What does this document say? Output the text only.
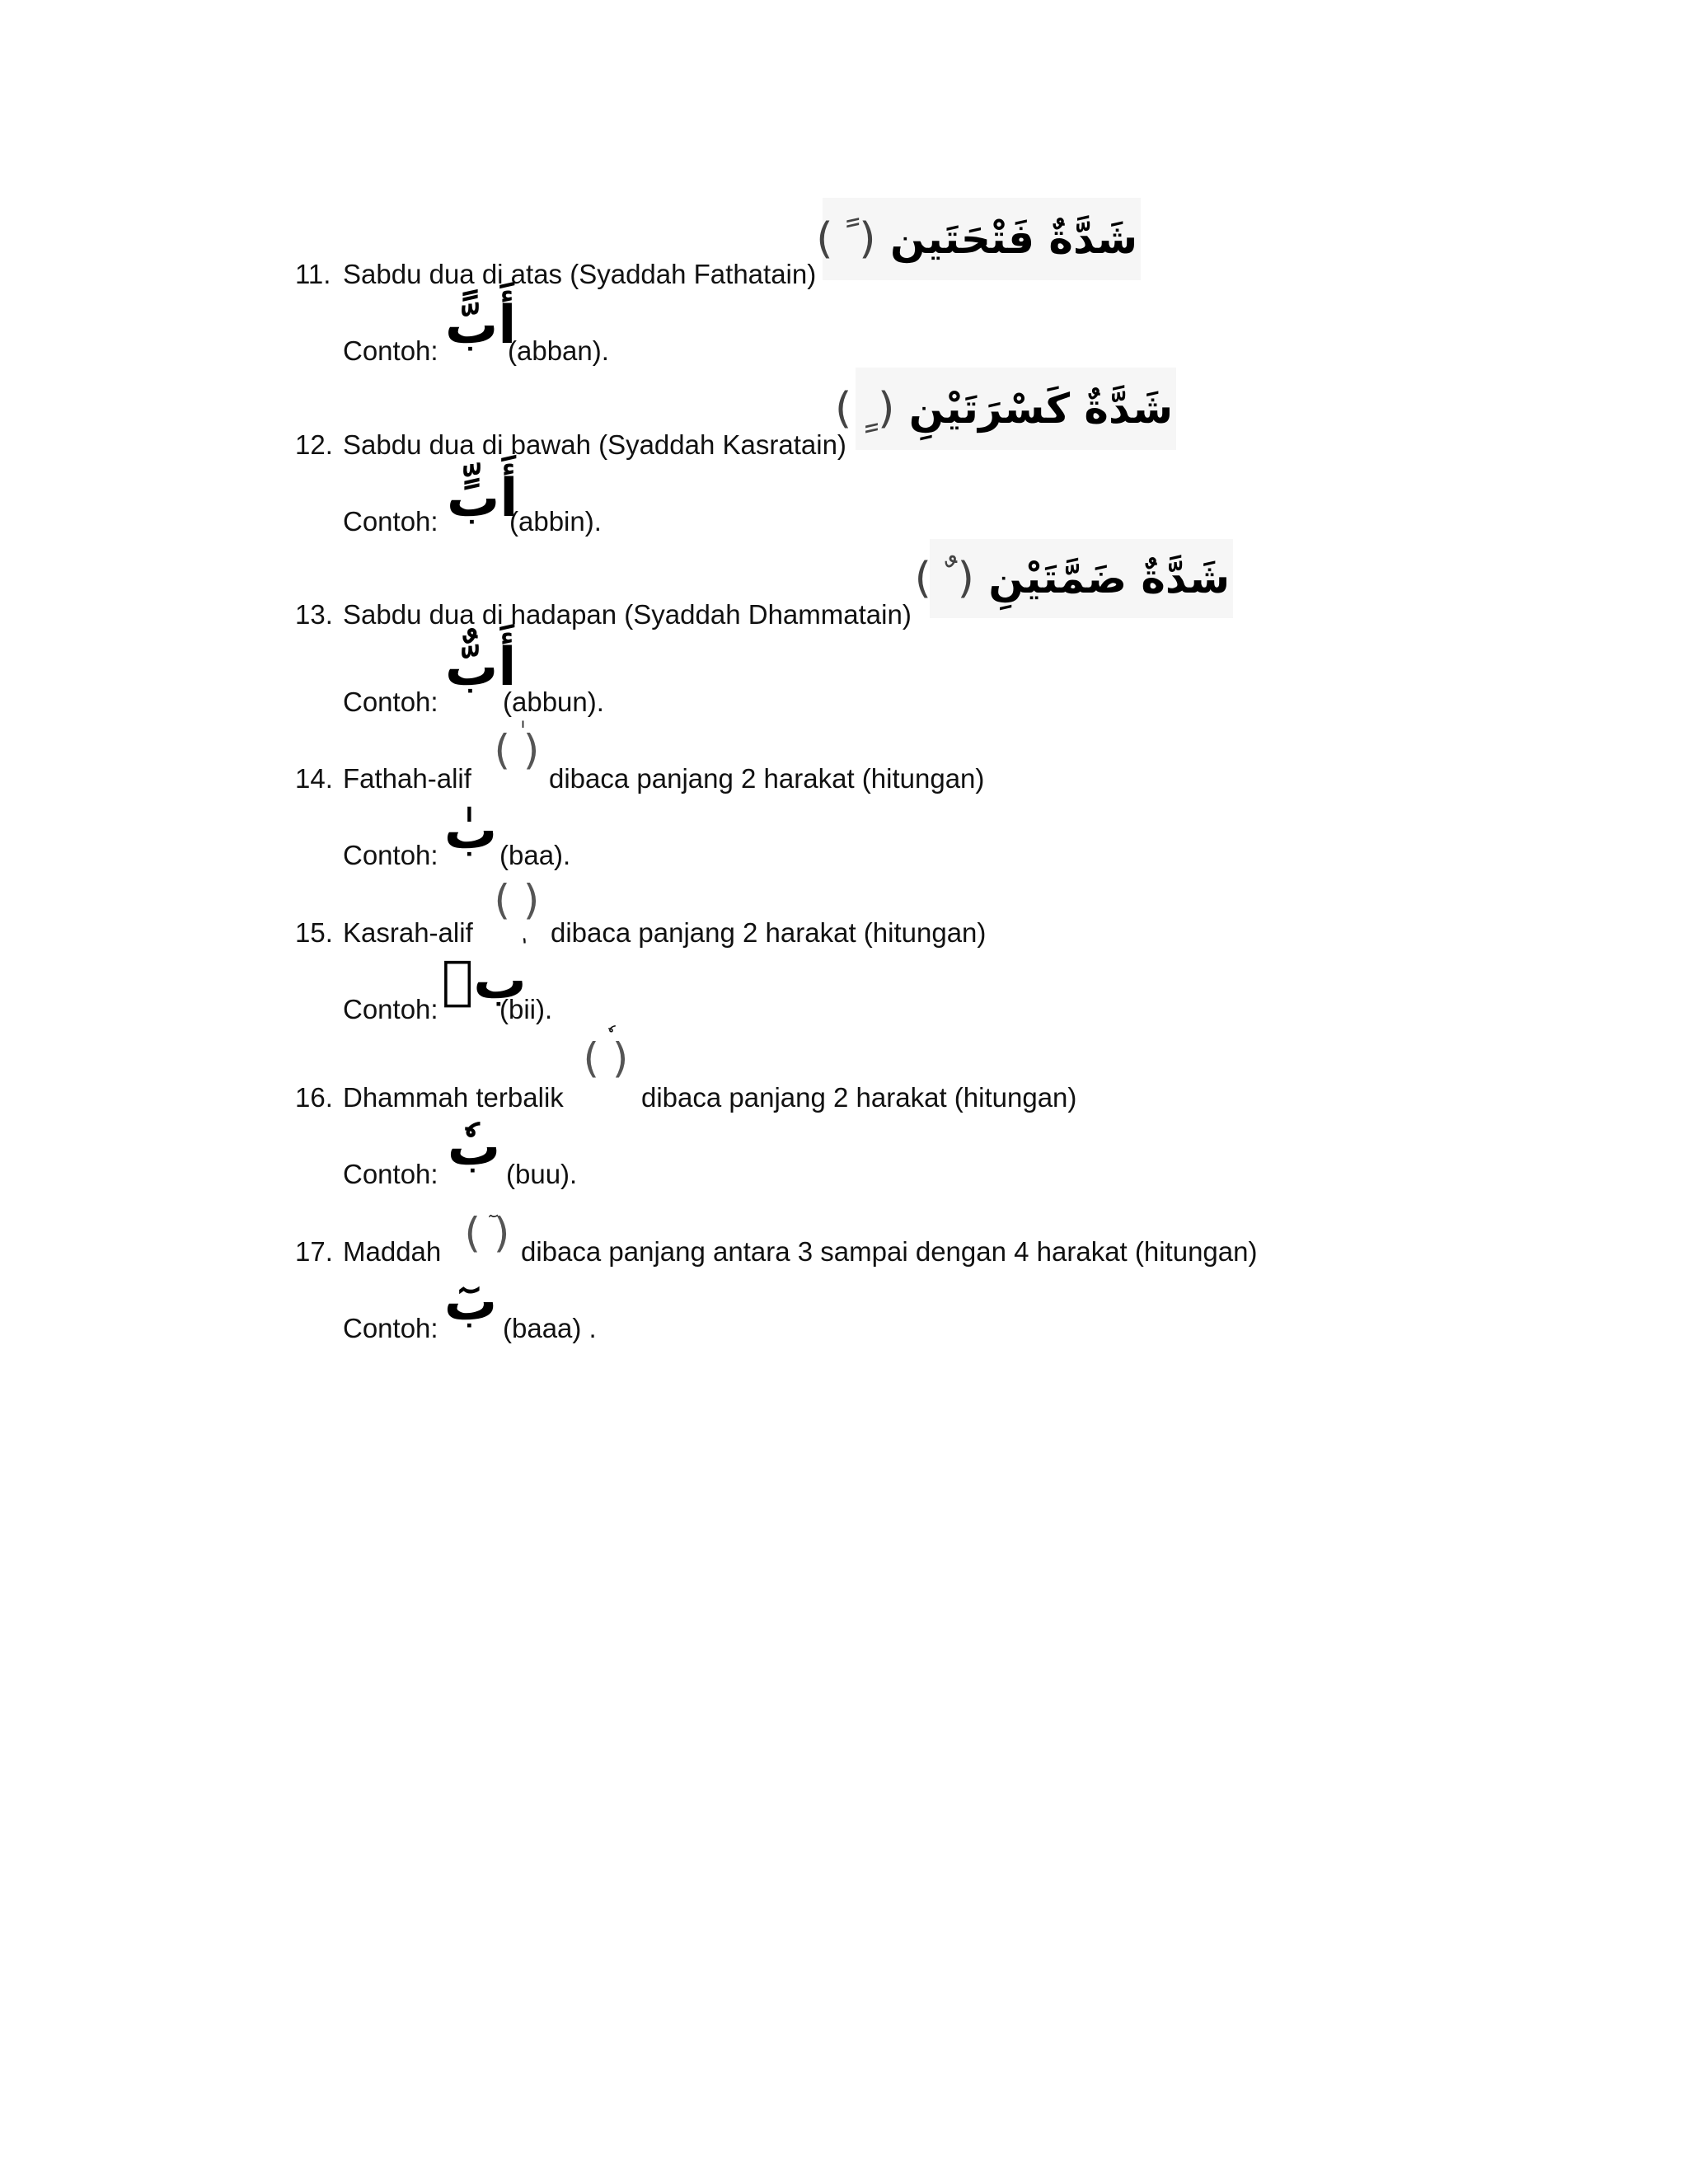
11. Sabdu dua di atas (Syaddah Fathatain)
شَدَّةٌ فَتْحَتَين ( ً )
Contoh:	(abban).
أَبًّ
12. Sabdu dua di bawah (Syaddah Kasratain)
شَدَّةٌ كَسْرَتَيْنِ ( ٍ )
Contoh:	(abbin).
أَبٍّ
13. Sabdu dua di hadapan (Syaddah Dhammatain)
شَدَّةٌ ضَمَّتَيْنِ ( ٌ )
Contoh: (abbun).
أَبٌّ
14. Fathah-alif	dibaca panjang 2 harakat (hitungan)
( )
Contoh: (baa).
بٰ
15. Kasrah-alif	dibaca panjang 2 harakat (hitungan)
( )
Contoh: (bii).
بٖ
16. Dhammah terbalik	dibaca panjang 2 harakat (hitungan)
( )
Contoh: (buu).
بٗ
17. Maddah	dibaca panjang antara 3 sampai dengan 4 harakat (hitungan)
( )
Contoh: (baaa) .
بٓ
